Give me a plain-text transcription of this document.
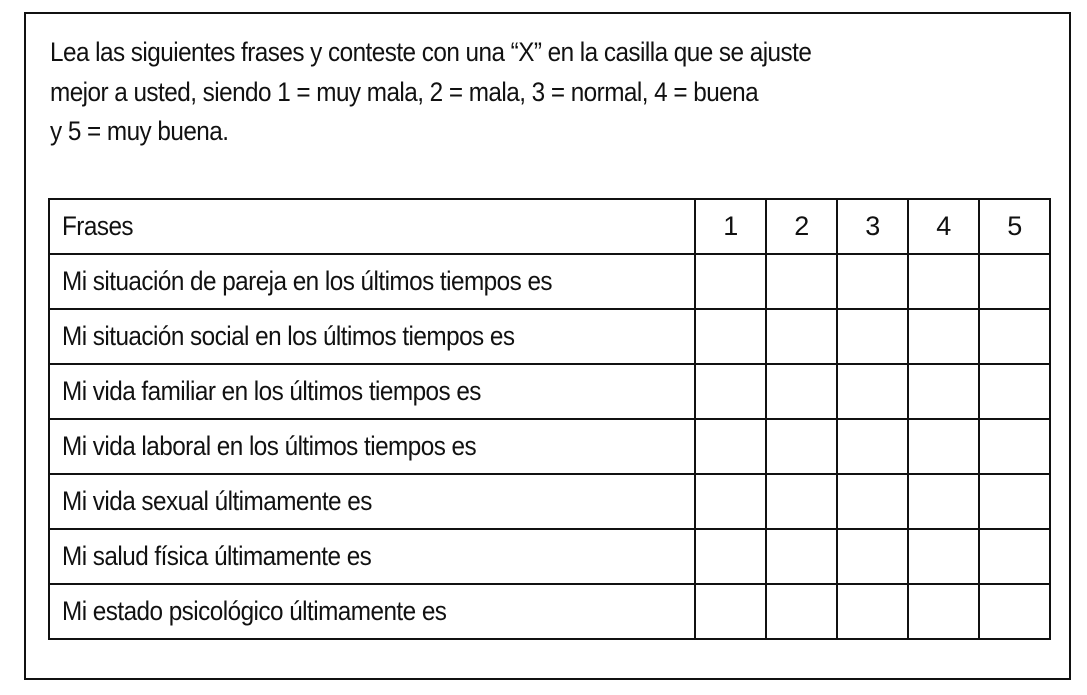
Lea las siguientes frases y conteste con una “X” en la casilla que se ajuste
mejor a usted, siendo 1 = muy mala, 2 = mala, 3 = normal, 4 = buena
y 5 = muy buena.
Frases	1	2	3	4	5
Mi situación de pareja en los últimos tiempos es					
Mi situación social en los últimos tiempos es					
Mi vida familiar en los últimos tiempos es					
Mi vida laboral en los últimos tiempos es					
Mi vida sexual últimamente es					
Mi salud física últimamente es					
Mi estado psicológico últimamente es					
